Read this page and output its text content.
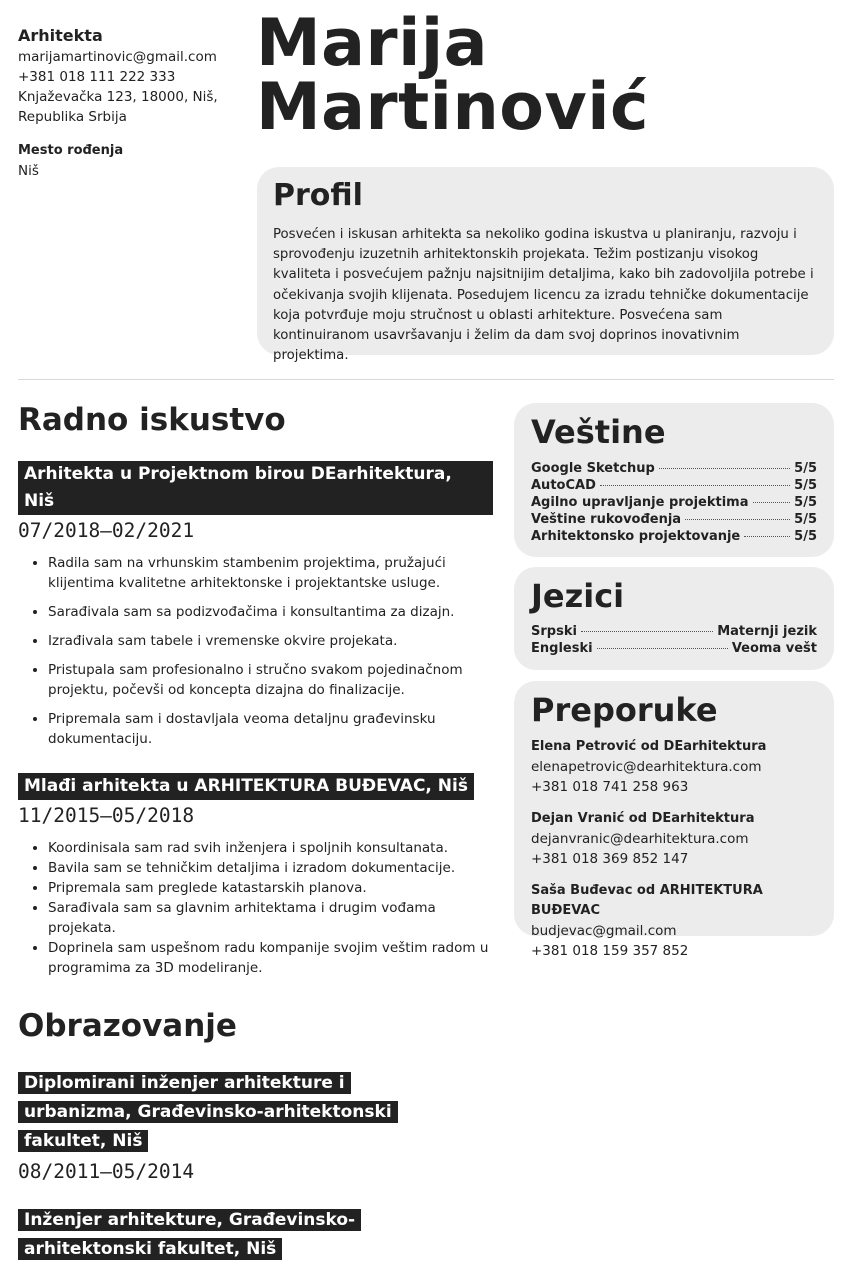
Arhitekta
marijamartinovic@gmail.com
+381 018 111 222 333
Knjaževačka 123, 18000, Niš,
Republika Srbija
Mesto rođenja
Niš
Marija
Martinović
Profil

Posvećen i iskusan arhitekta sa nekoliko godina iskustva u planiranju, razvoju i sprovođenju izuzetnih arhitektonskih projekata. Težim postizanju visokog kvaliteta i posvećujem pažnju najsitnijim detaljima, kako bih zadovoljila potrebe i očekivanja svojih klijenata. Posedujem licencu za izradu tehničke dokumentacije koja potvrđuje moju stručnost u oblasti arhitekture. Posvećena sam kontinuiranom usavršavanju i želim da dam svoj doprinos inovativnim projektima.

Radno iskustvo
Arhitekta u Projektnom birou DEarhitektura, Niš
07/2018—02/2021
• Radila sam na vrhunskim stambenim projektima, pružajući klijentima kvalitetne arhitektonske i projektantske usluge.
• Sarađivala sam sa podizvođačima i konsultantima za dizajn.
• Izrađivala sam tabele i vremenske okvire projekata.
• Pristupala sam profesionalno i stručno svakom pojedinačnom projektu, počevši od koncepta dizajna do finalizacije.
• Pripremala sam i dostavljala veoma detaljnu građevinsku dokumentaciju.
Mlađi arhitekta u ARHITEKTURA BUĐEVAC, Niš
11/2015—05/2018
• Koordinisala sam rad svih inženjera i spoljnih konsultanata.
• Bavila sam se tehničkim detaljima i izradom dokumentacije.
• Pripremala sam preglede katastarskih planova.
• Sarađivala sam sa glavnim arhitektama i drugim vođama projekata.
• Doprinela sam uspešnom radu kompanije svojim veštim radom u programima za 3D modeliranje.
Obrazovanje
Diplomirani inženjer arhitekture i urbanizma, Građevinsko-arhitektonski fakultet, Niš
08/2011—05/2014
Inženjer arhitekture, Građevinsko-arhitektonski fakultet, Niš
Veštine
Google Sketchup	5/5
AutoCAD	5/5
Agilno upravljanje projektima	5/5
Veštine rukovođenja	5/5
Arhitektonsko projektovanje	5/5
Jezici
Srpski	Maternji jezik
Engleski	Veoma vešt
Preporuke
Elena Petrović od DEarhitektura
elenapetrovic@dearhitektura.com
+381 018 741 258 963
Dejan Vranić od DEarhitektura
dejanvranic@dearhitektura.com
+381 018 369 852 147
Saša Buđevac od ARHITEKTURA BUĐEVAC
budjevac@gmail.com
+381 018 159 357 852
